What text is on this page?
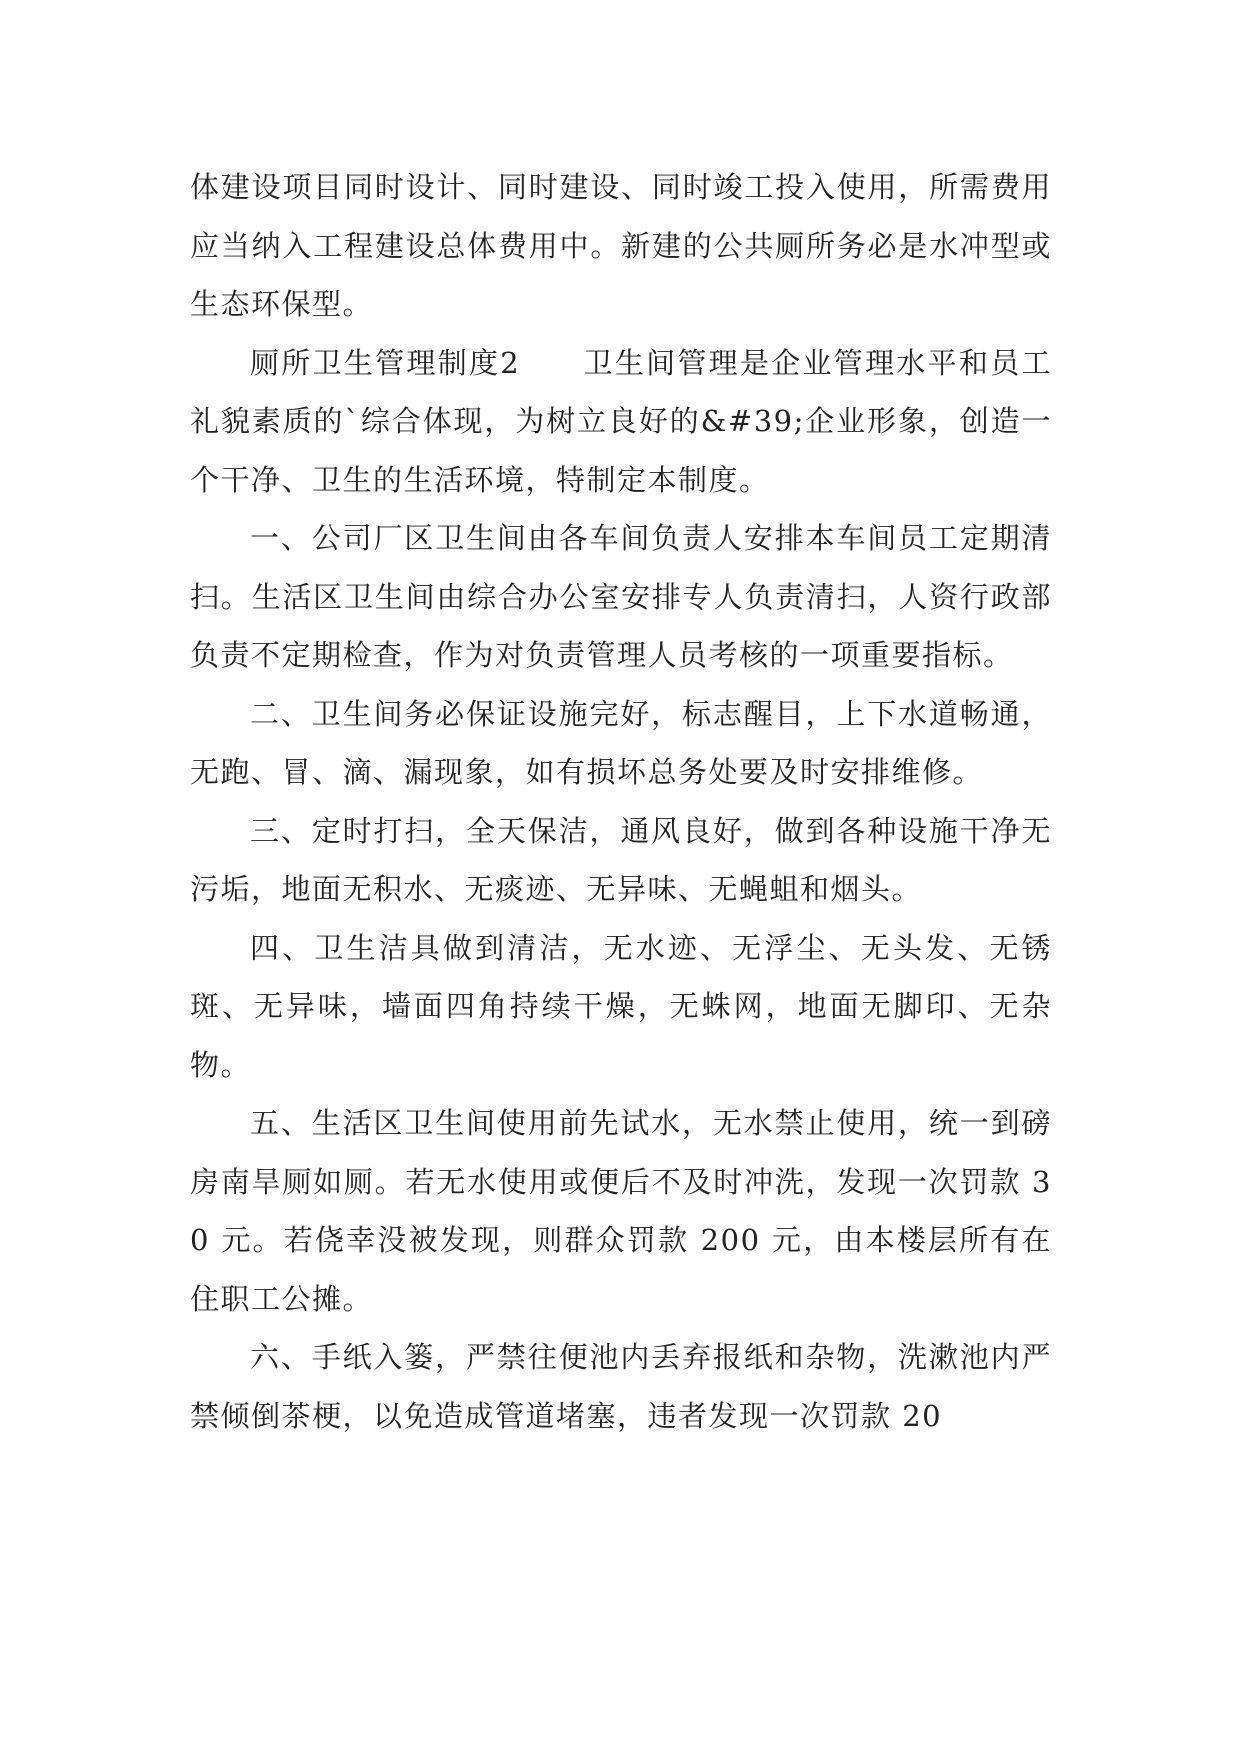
体建设项目同时设计、同时建设、同时竣工投入使用，所需费用应当纳入工程建设总体费用中。新建的公共厕所务必是水冲型或生态环保型。

厕所卫生管理制度2　　卫生间管理是企业管理水平和员工礼貌素质的`综合体现，为树立良好的&#39;企业形象，创造一个干净、卫生的生活环境，特制定本制度。

一、公司厂区卫生间由各车间负责人安排本车间员工定期清扫。生活区卫生间由综合办公室安排专人负责清扫，人资行政部负责不定期检查，作为对负责管理人员考核的一项重要指标。

二、卫生间务必保证设施完好，标志醒目，上下水道畅通，无跑、冒、滴、漏现象，如有损坏总务处要及时安排维修。

三、定时打扫，全天保洁，通风良好，做到各种设施干净无污垢，地面无积水、无痰迹、无异味、无蝇蛆和烟头。

四、卫生洁具做到清洁，无水迹、无浮尘、无头发、无锈斑、无异味，墙面四角持续干燥，无蛛网，地面无脚印、无杂物。

五、生活区卫生间使用前先试水，无水禁止使用，统一到磅房南旱厕如厕。若无水使用或便后不及时冲洗，发现一次罚款 30 元。若侥幸没被发现，则群众罚款 200 元，由本楼层所有在住职工公摊。

六、手纸入篓，严禁往便池内丢弃报纸和杂物，洗漱池内严禁倾倒茶梗，以免造成管道堵塞，违者发现一次罚款 20
